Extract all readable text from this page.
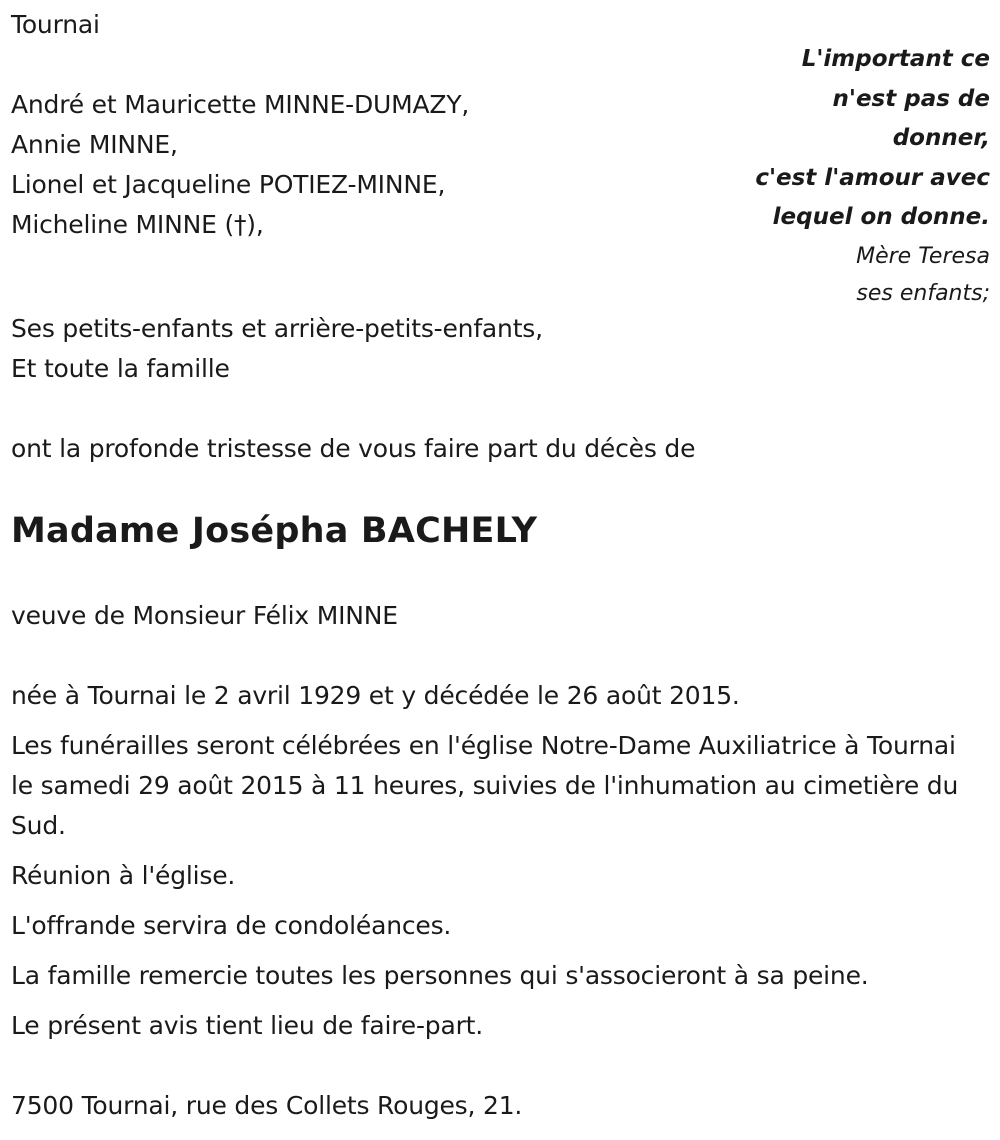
Tournai
L'important ce
n'est pas de
donner,
c'est l'amour avec
lequel on donne.
Mère Teresa
ses enfants;
André et Mauricette MINNE-DUMAZY,
Annie MINNE,
Lionel et Jacqueline POTIEZ-MINNE,
Micheline MINNE (†),
Ses petits-enfants et arrière-petits-enfants,
Et toute la famille
ont la profonde tristesse de vous faire part du décès de
Madame Josépha BACHELY
veuve de Monsieur Félix MINNE
née à Tournai le 2 avril 1929 et y décédée le 26 août 2015.
Les funérailles seront célébrées en l'église Notre-Dame Auxiliatrice à Tournai le samedi 29 août 2015 à 11 heures, suivies de l'inhumation au cimetière du Sud.
Réunion à l'église.
L'offrande servira de condoléances.
La famille remercie toutes les personnes qui s'associeront à sa peine.
Le présent avis tient lieu de faire-part.
7500 Tournai, rue des Collets Rouges, 21.
